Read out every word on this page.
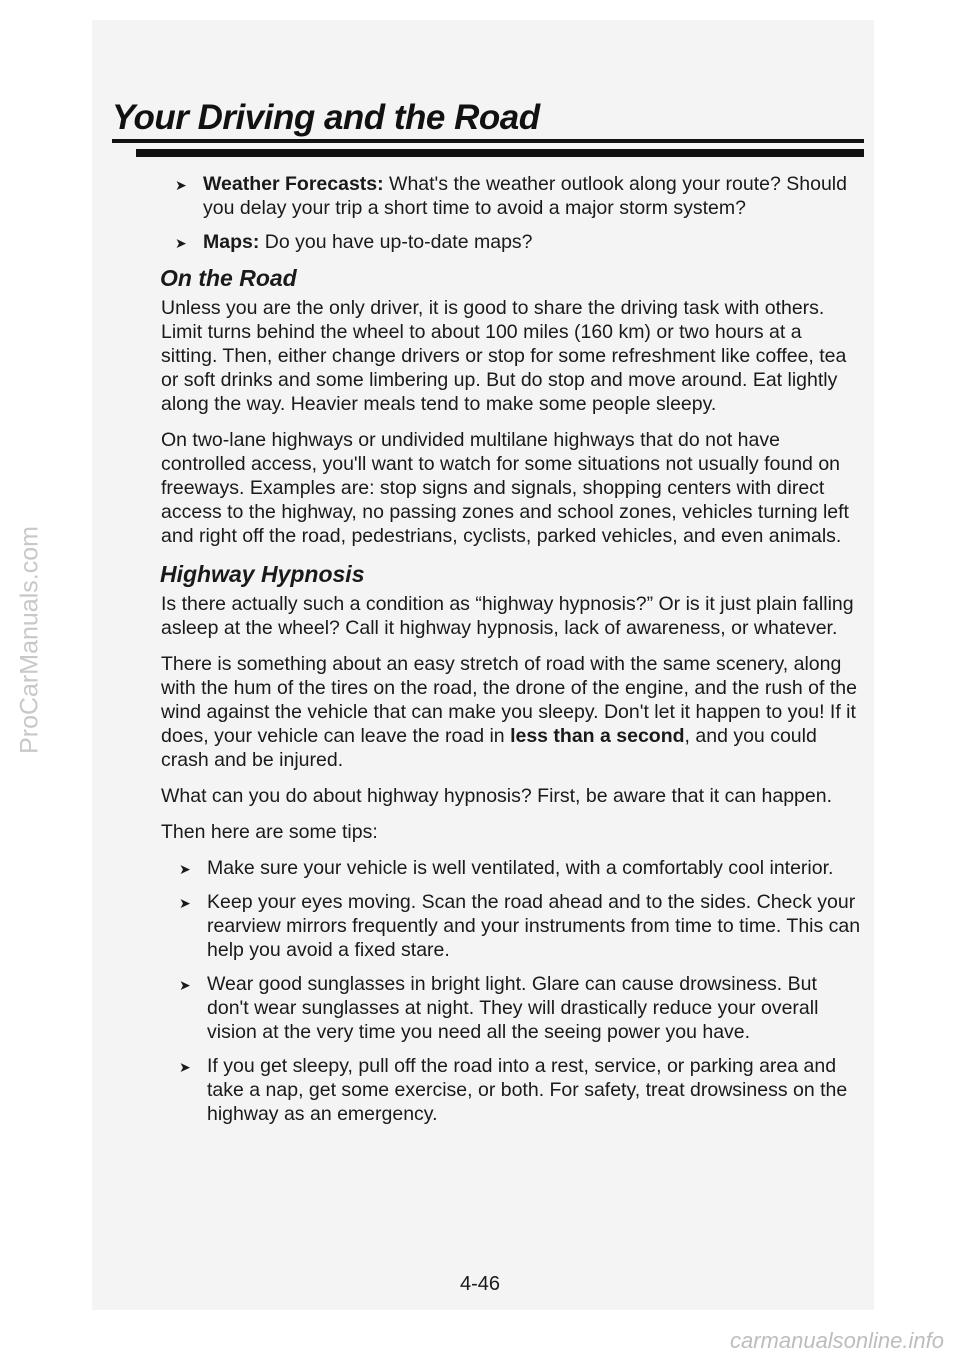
ProCarManuals.com
Your Driving and the Road
➤ Weather Forecasts: What's the weather outlook along your route? Should you delay your trip a short time to avoid a major storm system?
➤ Maps: Do you have up-to-date maps?
On the Road

Unless you are the only driver, it is good to share the driving task with others. Limit turns behind the wheel to about 100 miles (160 km) or two hours at a sitting. Then, either change drivers or stop for some refreshment like coffee, tea or soft drinks and some limbering up. But do stop and move around. Eat lightly along the way. Heavier meals tend to make some people sleepy.

On two-lane highways or undivided multilane highways that do not have controlled access, you'll want to watch for some situations not usually found on freeways. Examples are: stop signs and signals, shopping centers with direct access to the highway, no passing zones and school zones, vehicles turning left and right off the road, pedestrians, cyclists, parked vehicles, and even animals.

Highway Hypnosis

Is there actually such a condition as “highway hypnosis?” Or is it just plain falling asleep at the wheel? Call it highway hypnosis, lack of awareness, or whatever.

There is something about an easy stretch of road with the same scenery, along with the hum of the tires on the road, the drone of the engine, and the rush of the wind against the vehicle that can make you sleepy. Don't let it happen to you! If it does, your vehicle can leave the road in less than a second, and you could crash and be injured.

What can you do about highway hypnosis? First, be aware that it can happen.

Then here are some tips:

➤ Make sure your vehicle is well ventilated, with a comfortably cool interior.
➤ Keep your eyes moving. Scan the road ahead and to the sides. Check your rearview mirrors frequently and your instruments from time to time. This can help you avoid a fixed stare.
➤ Wear good sunglasses in bright light. Glare can cause drowsiness. But don't wear sunglasses at night. They will drastically reduce your overall vision at the very time you need all the seeing power you have.
➤ If you get sleepy, pull off the road into a rest, service, or parking area and take a nap, get some exercise, or both. For safety, treat drowsiness on the highway as an emergency.
4-46
carmanualsonline.info
